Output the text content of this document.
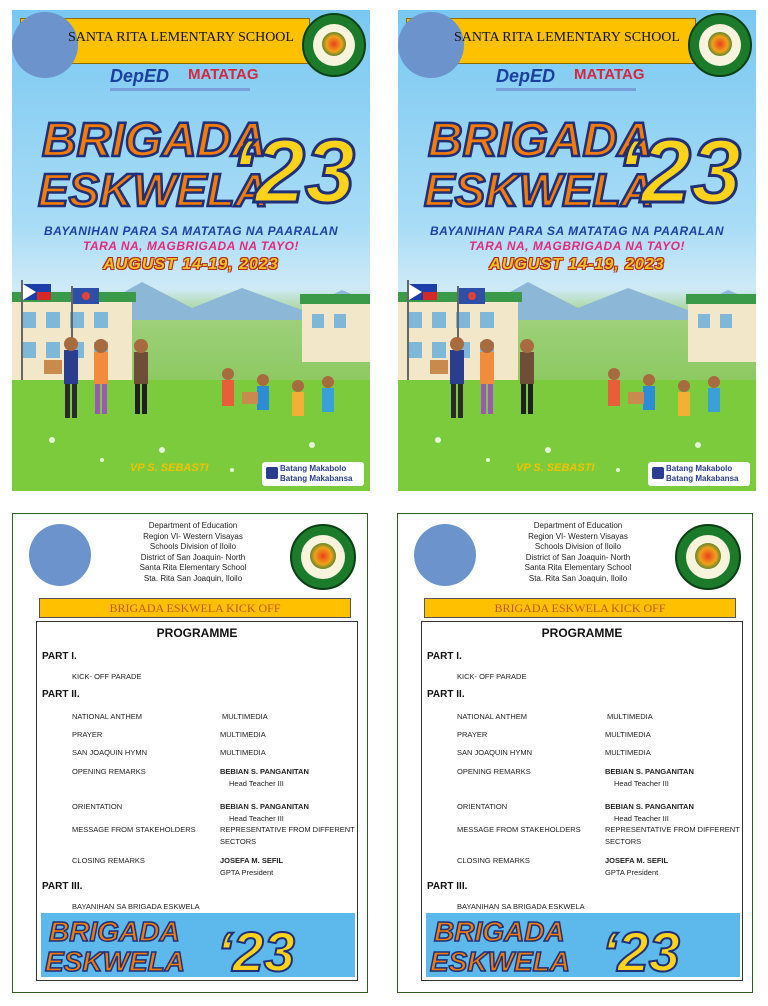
SANTA RITA LEMENTARY SCHOOL
DepED MATATAG
BRIGADA
ESKWELA
‘23
BAYANIHAN PARA SA MATATAG NA PAARALAN
TARA NA, MAGBRIGADA NA TAYO!
AUGUST 14-19, 2023
VP S. SEBASTI	Batang Makabolo
Batang Makabansa
SANTA RITA LEMENTARY SCHOOL
DepED MATATAG
BRIGADA
ESKWELA
‘23
BAYANIHAN PARA SA MATATAG NA PAARALAN
TARA NA, MAGBRIGADA NA TAYO!
AUGUST 14-19, 2023
VP S. SEBASTI	Batang Makabolo
Batang Makabansa
Department of Education
Region VI- Western Visayas
Schools Division of Iloilo
District of San Joaquin- North
Santa Rita Elementary School
Sta. Rita San Joaquin, Iloilo
BRIGADA ESKWELA KICK OFF
PROGRAMME
PART I.
KICK- OFF PARADE
PART II.
NATIONAL ANTHEM	MULTIMEDIA
PRAYER	MULTIMEDIA
SAN JOAQUIN HYMN	MULTIMEDIA
OPENING REMARKS	BEBIAN S. PANGANITAN
Head Teacher III
ORIENTATION	BEBIAN S. PANGANITAN
Head Teacher III
MESSAGE FROM STAKEHOLDERS	REPRESENTATIVE FROM DIFFERENT
SECTORS
CLOSING REMARKS	JOSEFA M. SEFIL
GPTA President
PART III.
BAYANIHAN SA BRIGADA ESKWELA
BRIGADA
ESKWELA ‘23
Department of Education
Region VI- Western Visayas
Schools Division of Iloilo
District of San Joaquin- North
Santa Rita Elementary School
Sta. Rita San Joaquin, Iloilo
BRIGADA ESKWELA KICK OFF
PROGRAMME
PART I.
KICK- OFF PARADE
PART II.
NATIONAL ANTHEM	MULTIMEDIA
PRAYER	MULTIMEDIA
SAN JOAQUIN HYMN	MULTIMEDIA
OPENING REMARKS	BEBIAN S. PANGANITAN
Head Teacher III
ORIENTATION	BEBIAN S. PANGANITAN
Head Teacher III
MESSAGE FROM STAKEHOLDERS	REPRESENTATIVE FROM DIFFERENT
SECTORS
CLOSING REMARKS	JOSEFA M. SEFIL
GPTA President
PART III.
BAYANIHAN SA BRIGADA ESKWELA
BRIGADA
ESKWELA ‘23
